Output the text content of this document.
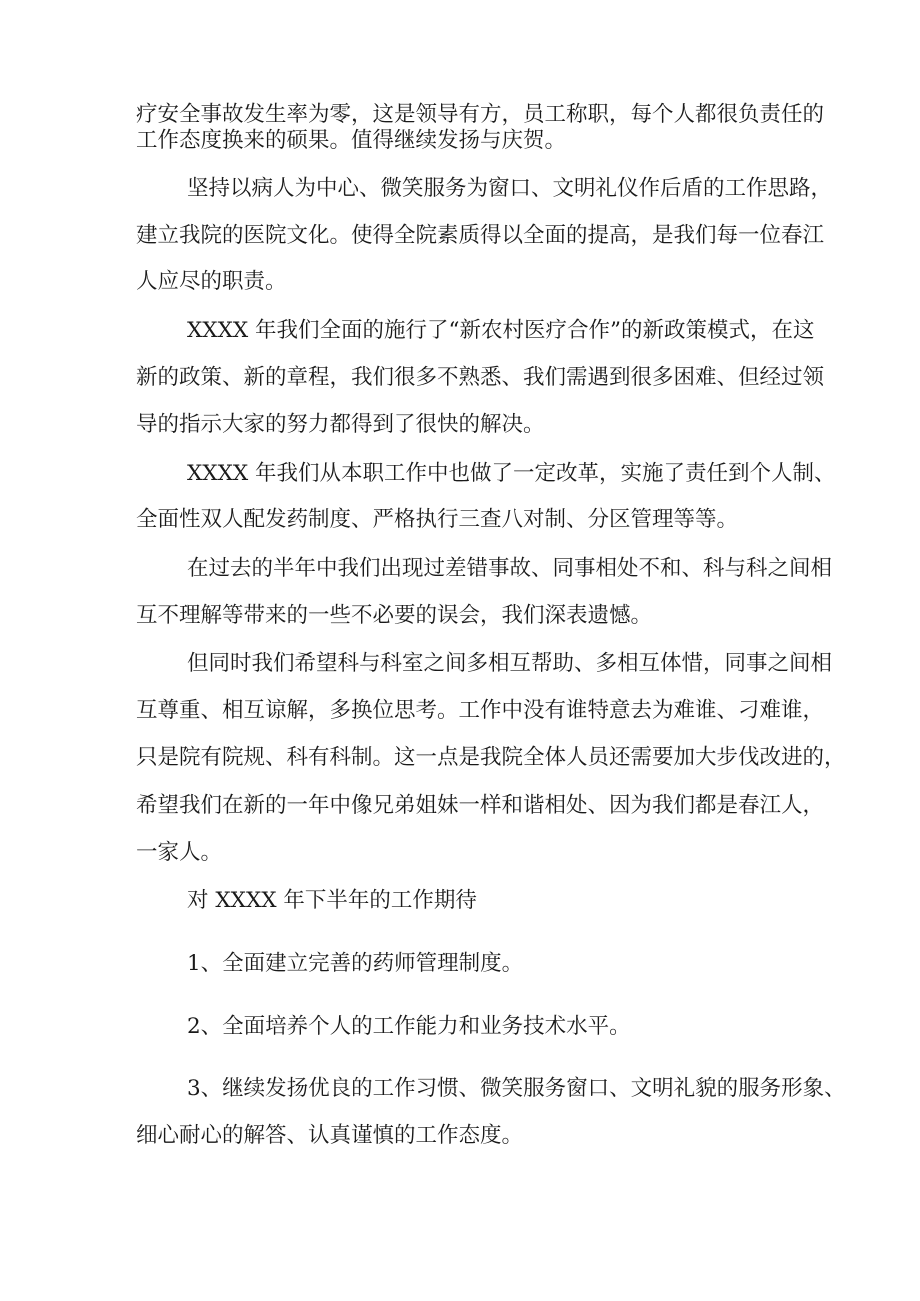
疗安全事故发生率为零，这是领导有方，员工称职，每个人都很负责任的

工作态度换来的硕果。值得继续发扬与庆贺。

坚持以病人为中心、微笑服务为窗口、文明礼仪作后盾的工作思路，

建立我院的医院文化。使得全院素质得以全面的提高，是我们每一位春江

人应尽的职责。

XXXX 年我们全面的施行了“新农村医疗合作”的新政策模式，在这

新的政策、新的章程，我们很多不熟悉、我们需遇到很多困难、但经过领

导的指示大家的努力都得到了很快的解决。

XXXX 年我们从本职工作中也做了一定改革，实施了责任到个人制、

全面性双人配发药制度、严格执行三查八对制、分区管理等等。

在过去的半年中我们出现过差错事故、同事相处不和、科与科之间相

互不理解等带来的一些不必要的误会，我们深表遗憾。

但同时我们希望科与科室之间多相互帮助、多相互体惜，同事之间相

互尊重、相互谅解，多换位思考。工作中没有谁特意去为难谁、刁难谁，

只是院有院规、科有科制。这一点是我院全体人员还需要加大步伐改进的，

希望我们在新的一年中像兄弟姐妹一样和谐相处、因为我们都是春江人，

一家人。

对 XXXX 年下半年的工作期待

1、全面建立完善的药师管理制度。

2、全面培养个人的工作能力和业务技术水平。

3、继续发扬优良的工作习惯、微笑服务窗口、文明礼貌的服务形象、

细心耐心的解答、认真谨慎的工作态度。
